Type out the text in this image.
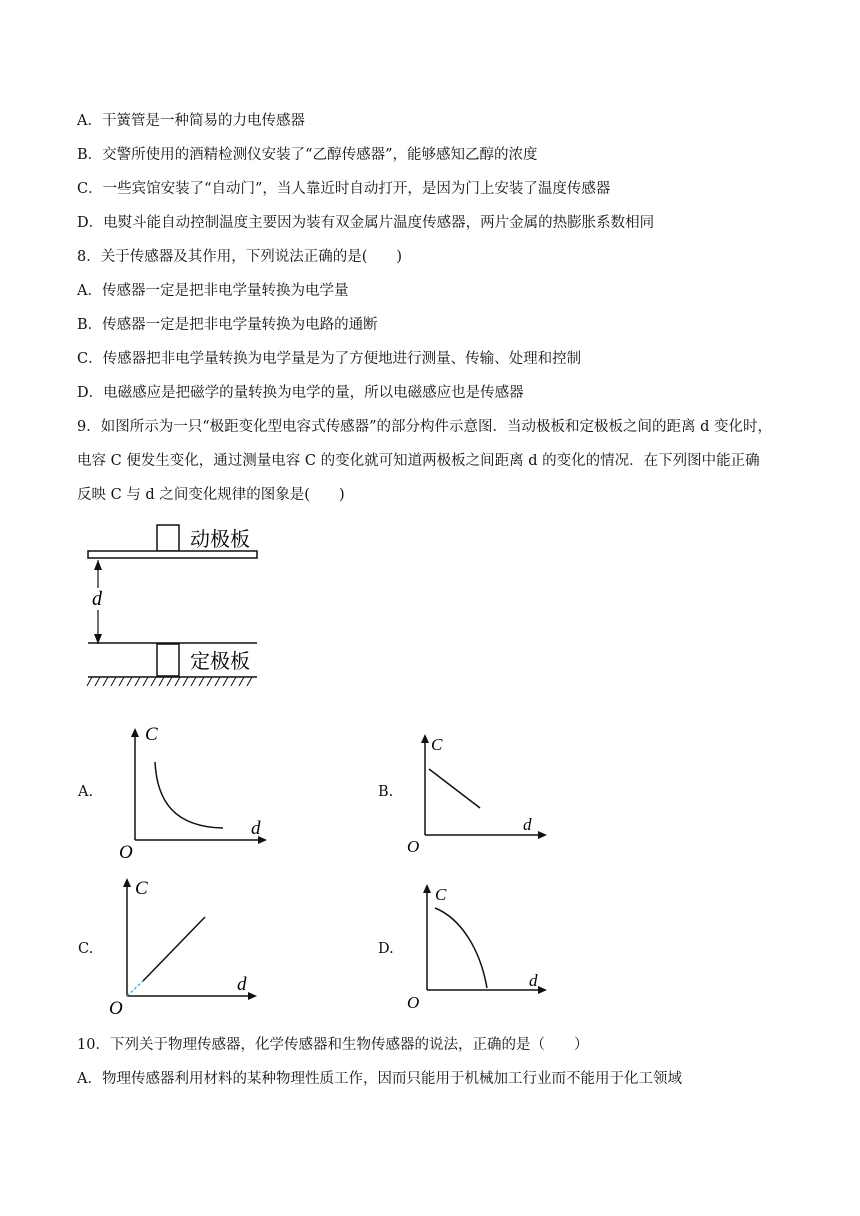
A．干簧管是一种简易的力电传感器
B．交警所使用的酒精检测仪安装了“乙醇传感器”，能够感知乙醇的浓度
C．一些宾馆安装了“自动门”，当人靠近时自动打开，是因为门上安装了温度传感器
D．电熨斗能自动控制温度主要因为装有双金属片温度传感器，两片金属的热膨胀系数相同
8．关于传感器及其作用，下列说法正确的是(　　)
A．传感器一定是把非电学量转换为电学量
B．传感器一定是把非电学量转换为电路的通断
C．传感器把非电学量转换为电学量是为了方便地进行测量、传输、处理和控制
D．电磁感应是把磁学的量转换为电学的量，所以电磁感应也是传感器
9．如图所示为一只“极距变化型电容式传感器”的部分构件示意图．当动极板和定极板之间的距离 d 变化时，
电容 C 便发生变化，通过测量电容 C 的变化就可知道两极板之间距离 d 的变化的情况．在下列图中能正确
反映 C 与 d 之间变化规律的图象是(　　)
10．下列关于物理传感器，化学传感器和生物传感器的说法，正确的是（　　）
A．物理传感器利用材料的某种物理性质工作，因而只能用于机械加工行业而不能用于化工领域
动极板
d
定极板
A.	B.
C.	D.
C
d
O
C
d
O
C
d
O
C
d
O
